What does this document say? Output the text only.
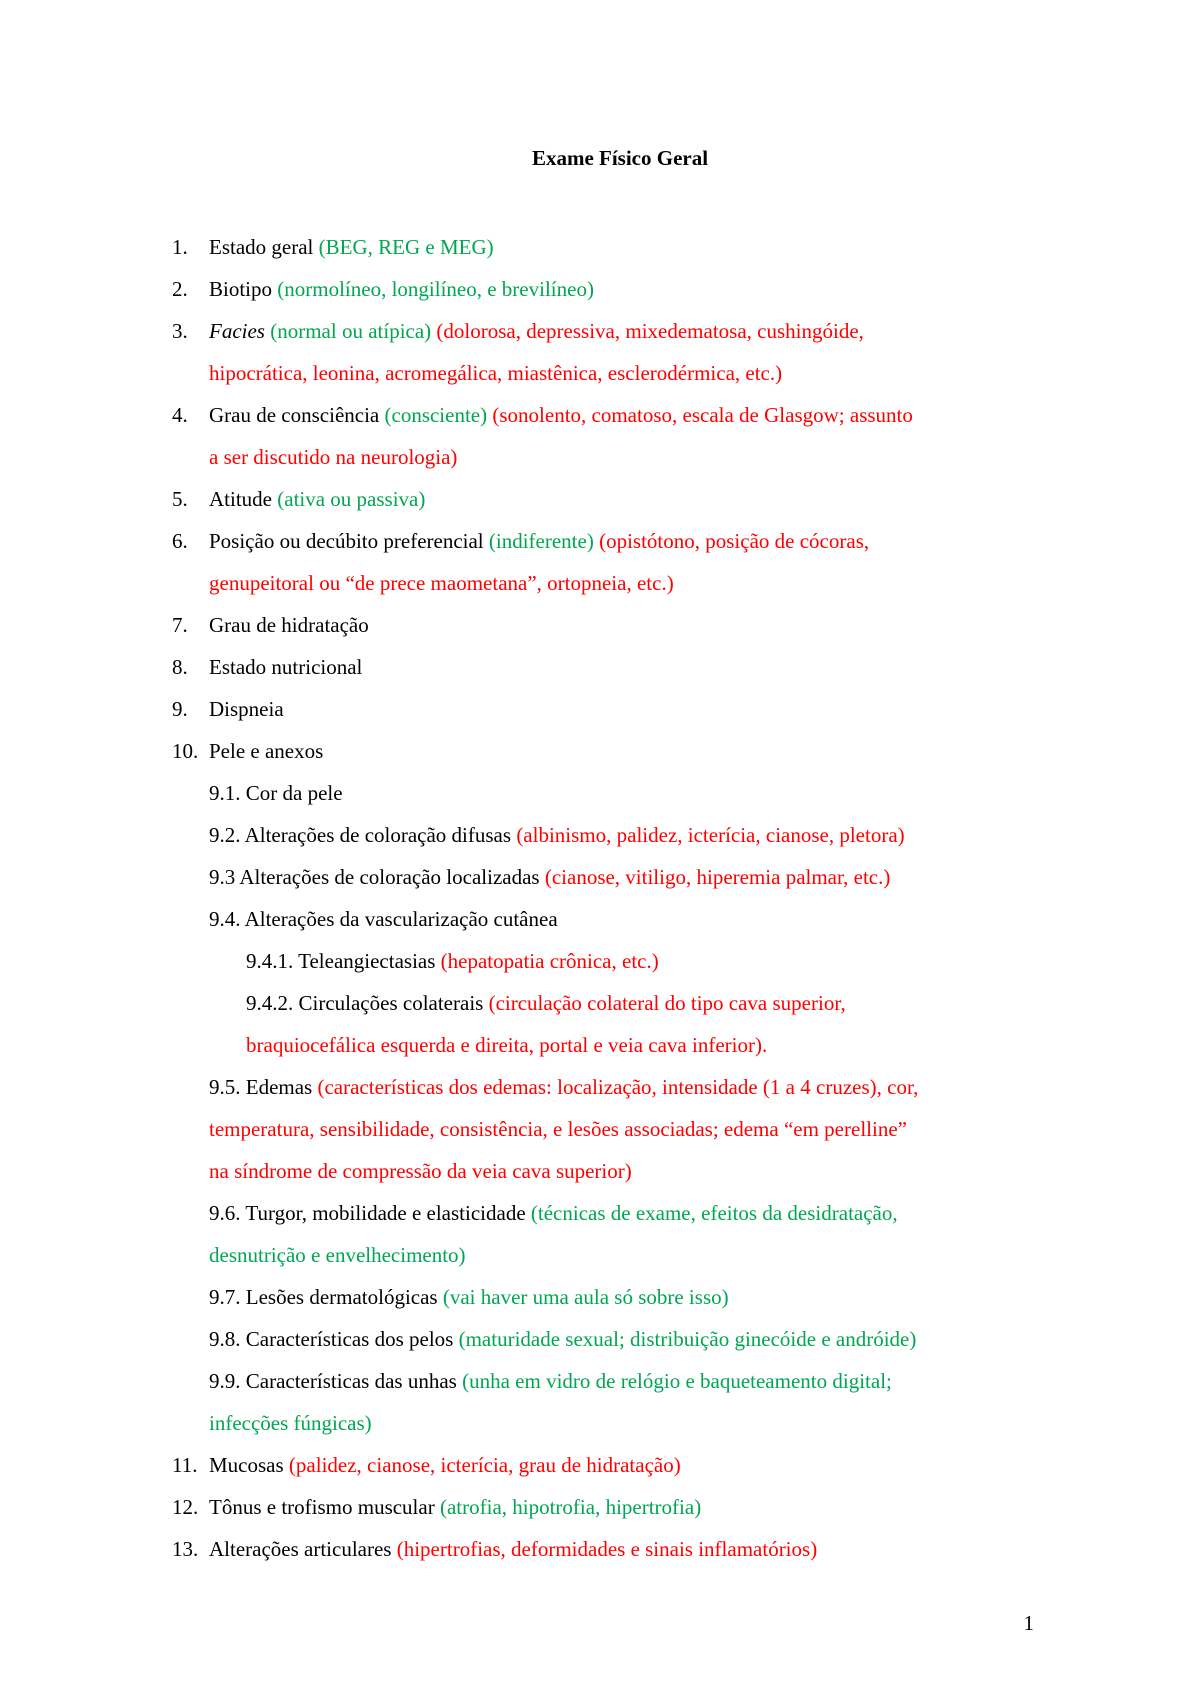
Exame Físico Geral
1. Estado geral (BEG, REG e MEG)
2. Biotipo (normolíneo, longilíneo, e brevilíneo)
3. Facies (normal ou atípica) (dolorosa, depressiva, mixedematosa, cushingóide,
hipocrática, leonina, acromegálica, miastênica, esclerodérmica, etc.)
4. Grau de consciência (consciente) (sonolento, comatoso, escala de Glasgow; assunto
a ser discutido na neurologia)
5. Atitude (ativa ou passiva)
6. Posição ou decúbito preferencial (indiferente) (opistótono, posição de cócoras,
genupeitoral ou “de prece maometana”, ortopneia, etc.)
7. Grau de hidratação
8. Estado nutricional
9. Dispneia
10. Pele e anexos
9.1. Cor da pele
9.2. Alterações de coloração difusas (albinismo, palidez, icterícia, cianose, pletora)
9.3 Alterações de coloração localizadas (cianose, vitiligo, hiperemia palmar, etc.)
9.4. Alterações da vascularização cutânea
9.4.1. Teleangiectasias (hepatopatia crônica, etc.)
9.4.2. Circulações colaterais (circulação colateral do tipo cava superior,
braquiocefálica esquerda e direita, portal e veia cava inferior).
9.5. Edemas (características dos edemas: localização, intensidade (1 a 4 cruzes), cor,
temperatura, sensibilidade, consistência, e lesões associadas; edema “em perelline”
na síndrome de compressão da veia cava superior)
9.6. Turgor, mobilidade e elasticidade (técnicas de exame, efeitos da desidratação,
desnutrição e envelhecimento)
9.7. Lesões dermatológicas (vai haver uma aula só sobre isso)
9.8. Características dos pelos (maturidade sexual; distribuição ginecóide e andróide)
9.9. Características das unhas (unha em vidro de relógio e baqueteamento digital;
infecções fúngicas)
11. Mucosas (palidez, cianose, icterícia, grau de hidratação)
12. Tônus e trofismo muscular (atrofia, hipotrofia, hipertrofia)
13. Alterações articulares (hipertrofias, deformidades e sinais inflamatórios)
1
